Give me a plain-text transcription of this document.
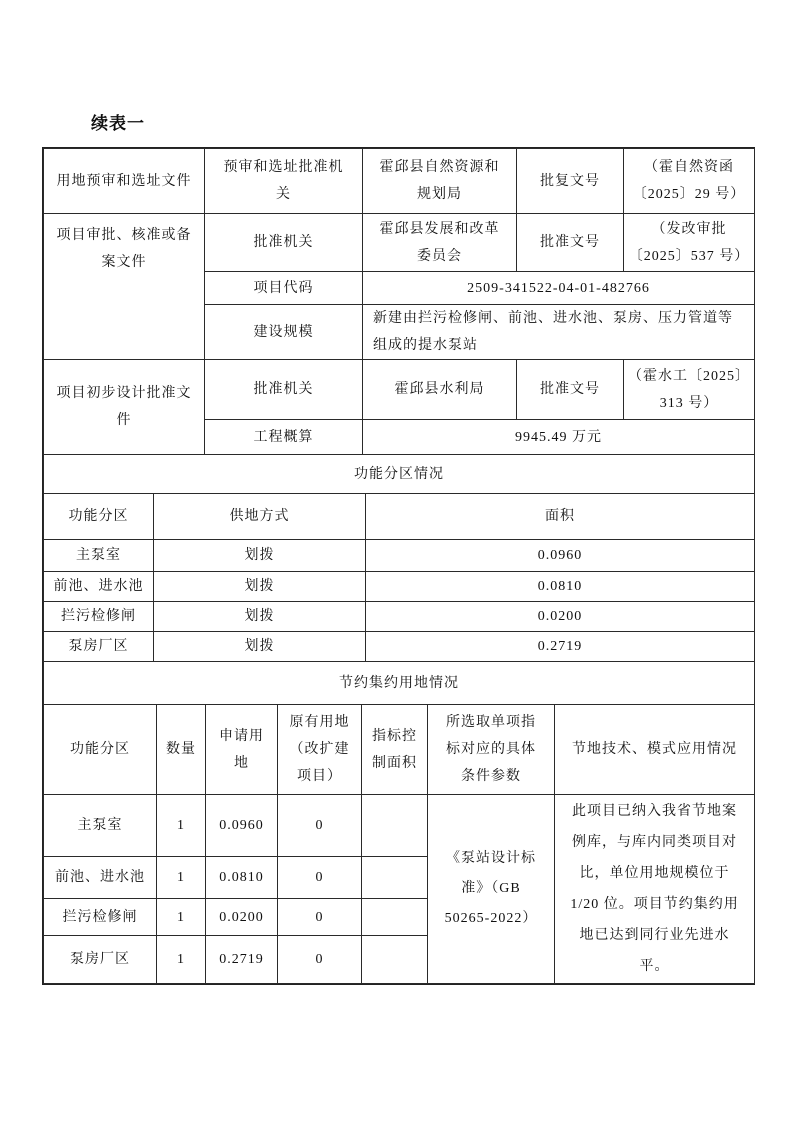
续表一
用地预审和选址文件	预审和选址批准机关	霍邱县自然资源和规划局	批复文号	（霍自然资函〔2025〕29 号）
项目审批、核准或备案文件	批准机关	霍邱县发展和改革委员会	批准文号	（发改审批〔2025〕537 号）
	项目代码	2509-341522-04-01-482766		
	建设规模	新建由拦污检修闸、前池、进水池、泵房、压力管道等组成的提水泵站		
项目初步设计批准文件	批准机关	霍邱县水利局	批准文号	（霍水工〔2025〕313 号）
	工程概算	9945.49 万元		
功能分区情况		
功能分区	供地方式	面积
主泵室	划拨	0.0960
前池、进水池	划拨	0.0810
拦污检修闸	划拨	0.0200
泵房厂区	划拨	0.2719
节约集约用地情况						
功能分区	数量	申请用地	原有用地（改扩建项目）	指标控制面积	所选取单项指标对应的具体条件参数	节地技术、模式应用情况
主泵室	1	0.0960	0		《泵站设计标准》（GB 50265-2022）	此项目已纳入我省节地案例库，与库内同类项目对比，单位用地规模位于 1/20 位。项目节约集约用地已达到同行业先进水平。
前池、进水池	1	0.0810	0			
拦污检修闸	1	0.0200	0			
泵房厂区	1	0.2719	0			
